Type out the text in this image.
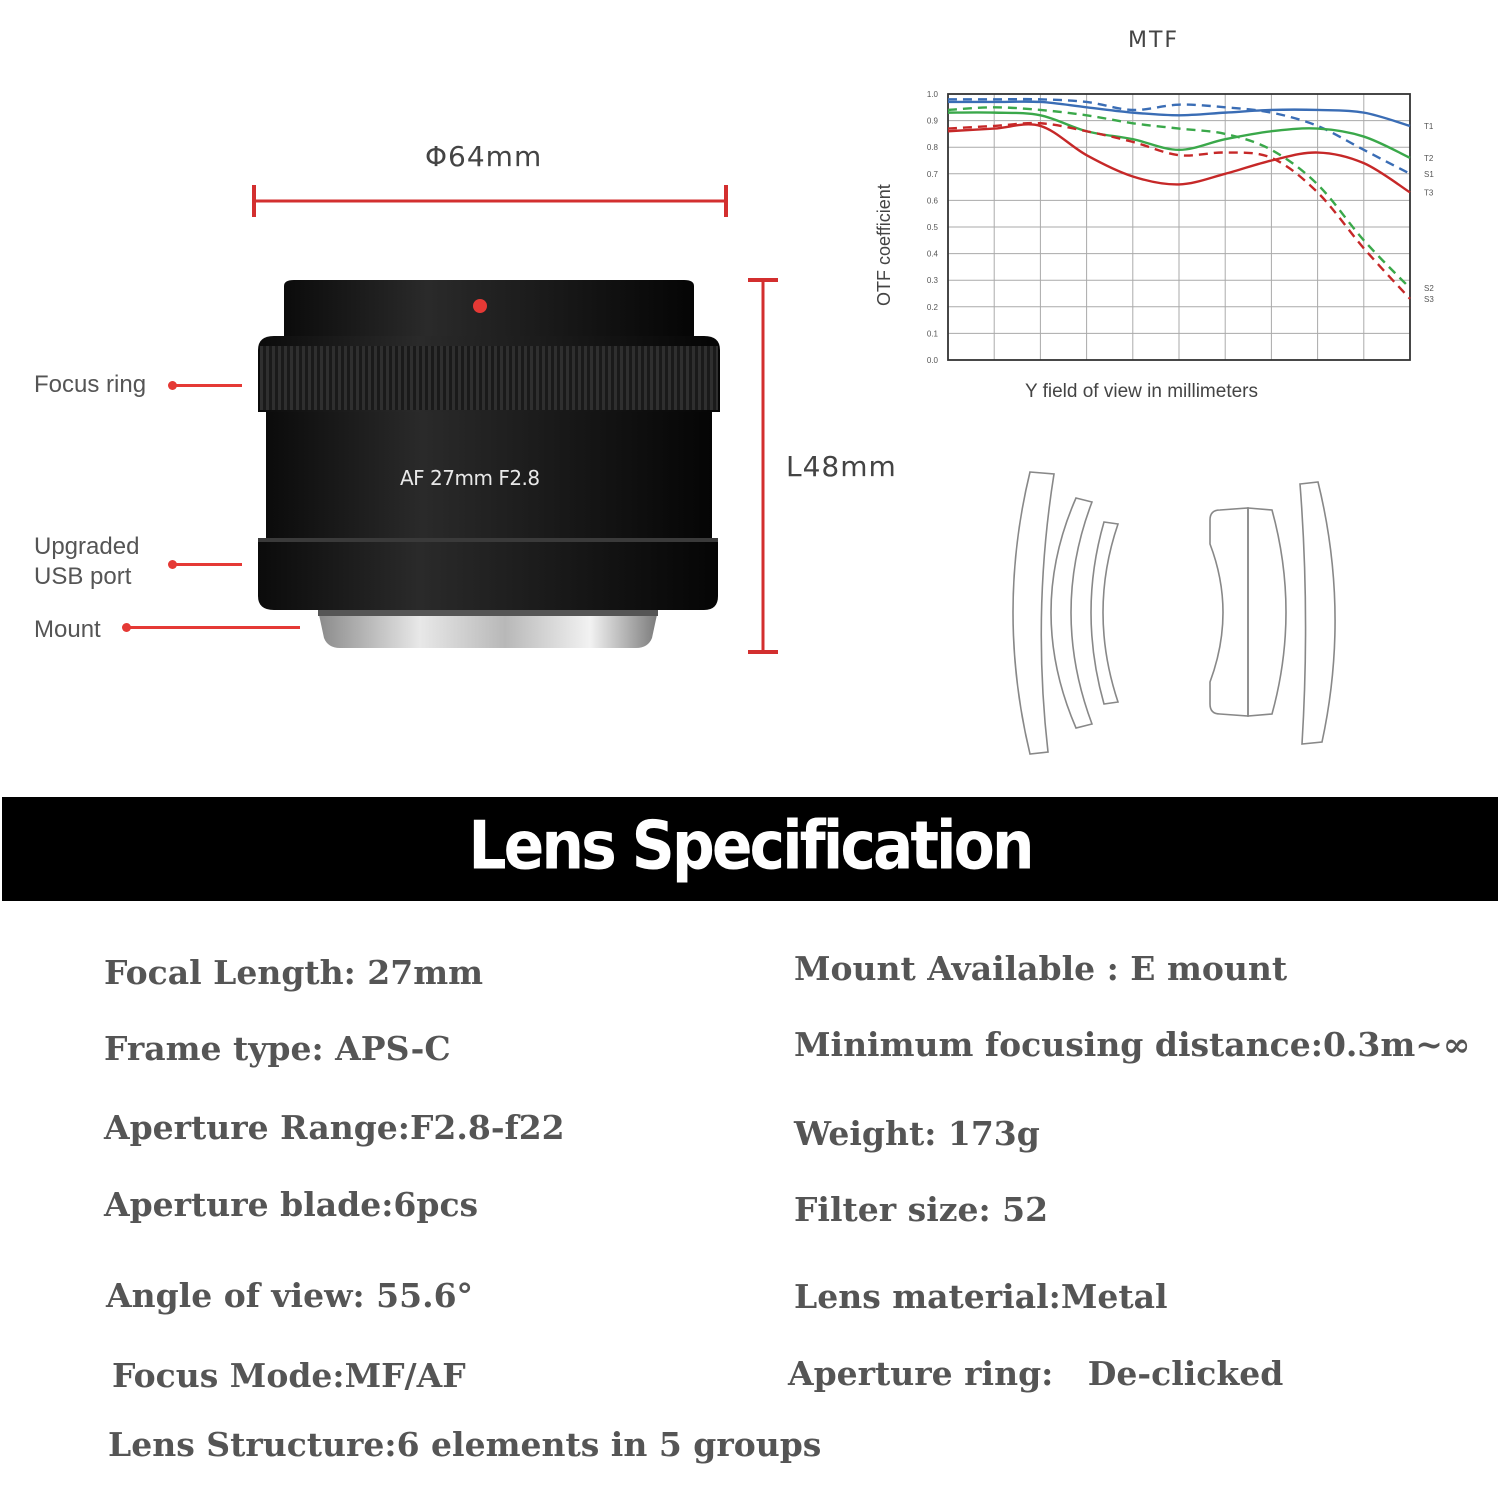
Φ64mm
L48mm
AF 27mm F2.8
Focus ring
Upgraded
USB port
Mount
MTF
OTF coefficient
0.0
0.1
0.2
0.3
0.4
0.5
0.6
0.7
0.8
0.9
1.0
T1
S1
T2
S2
T3
S3
Y field of view in millimeters
Lens Specification
Focal Length: 27mm
Frame type: APS-C
Aperture Range:F2.8-f22
Aperture blade:6pcs
Angle of view: 55.6°
Focus Mode:MF/AF
Lens Structure:6 elements in 5 groups
Mount Available : E mount
Minimum focusing distance:0.3m~∞
Weight: 173g
Filter size: 52
Lens material:Metal
Aperture ring:   De-clicked
